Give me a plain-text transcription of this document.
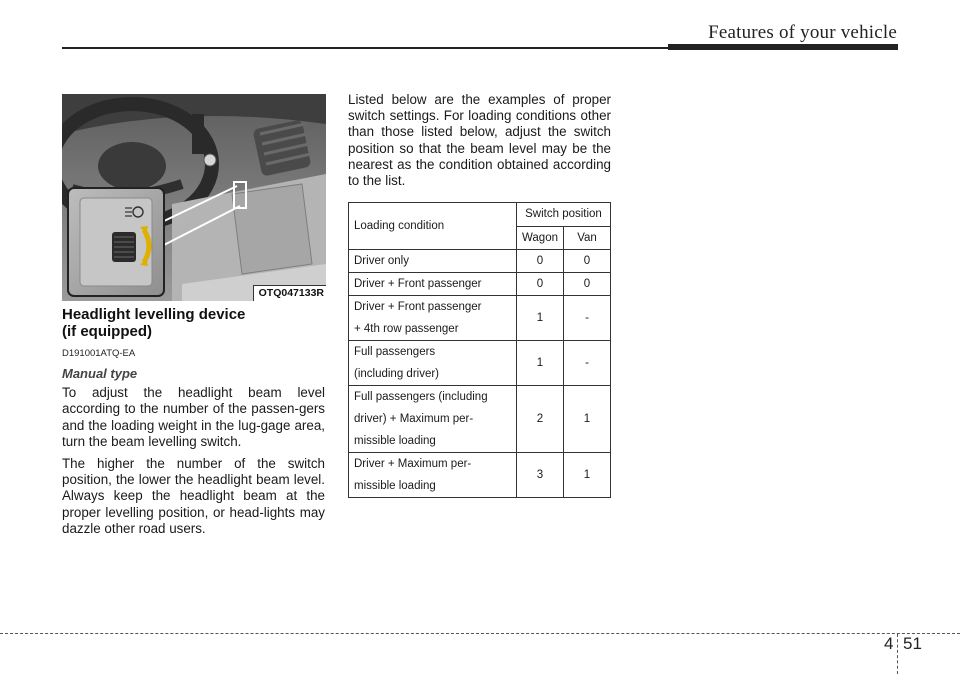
Features of your vehicle
OTQ047133R
Headlight levelling device
(if equipped)

D191001ATQ-EA

Manual type

To adjust the headlight beam level according to the number of the passen-gers and the loading weight in the lug-gage area, turn the beam levelling switch.

The higher the number of the switch position, the lower the headlight beam level. Always keep the headlight beam at the proper levelling position, or head-lights may dazzle other road users.

Listed below are the examples of proper switch settings. For loading conditions other than those listed below, adjust the switch position so that the beam level may be the nearest as the condition obtained according to the list.

Loading condition	Switch position	
	Wagon	Van
Driver only	0	0
Driver + Front passenger	0	0
Driver + Front passenger
+ 4th row passenger	1	-
Full passengers
(including driver)	1	-
Full passengers (including
driver) + Maximum per-
missible loading	2	1
Driver + Maximum per-
missible loading	3	1
4 51
